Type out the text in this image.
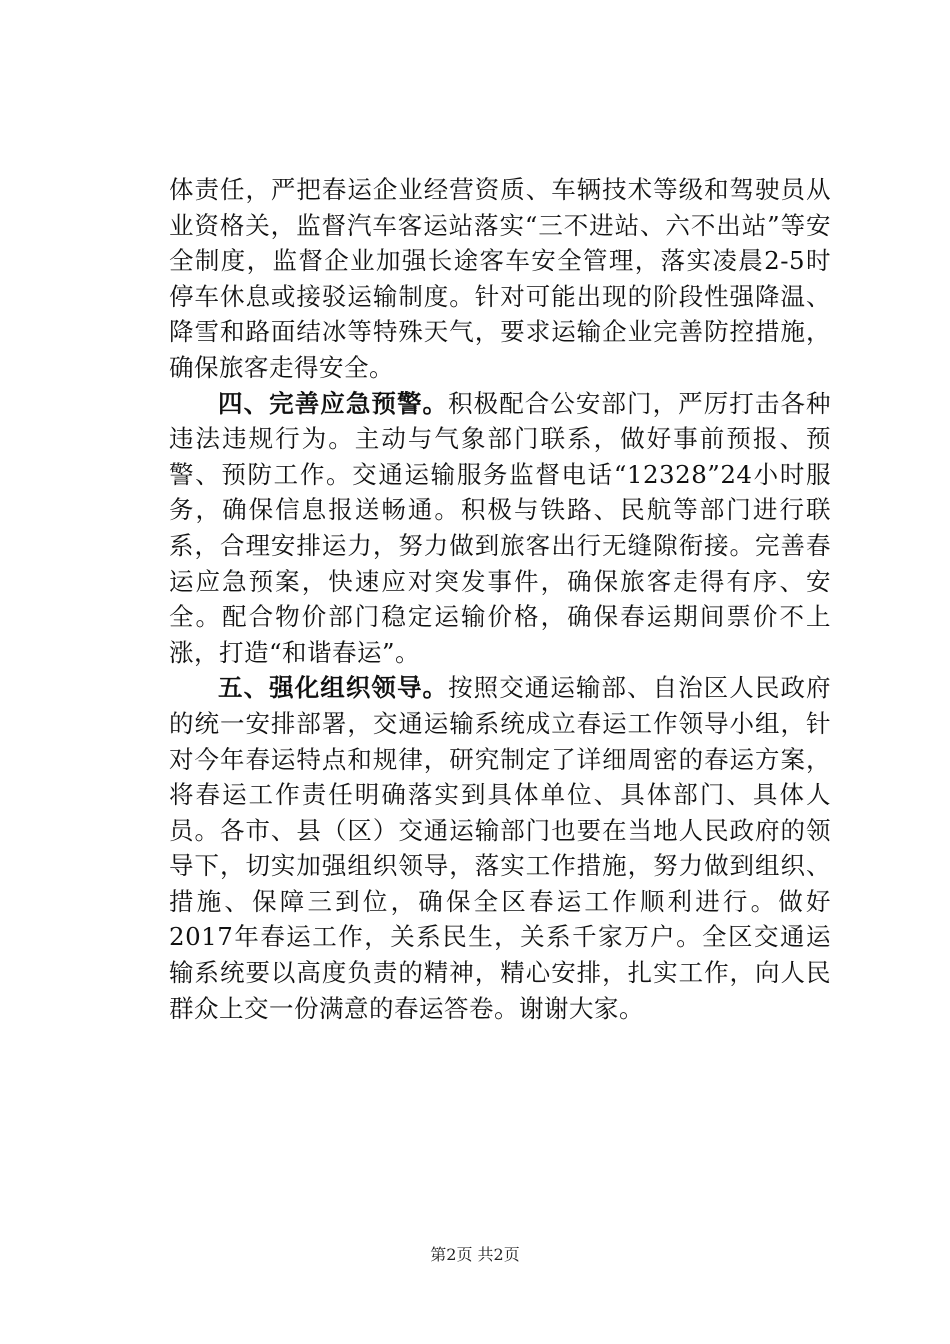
体责任，严把春运企业经营资质、车辆技术等级和驾驶员从业资格关，监督汽车客运站落实“三不进站、六不出站”等安全制度，监督企业加强长途客车安全管理，落实凌晨2-5时停车休息或接驳运输制度。针对可能出现的阶段性强降温、降雪和路面结冰等特殊天气，要求运输企业完善防控措施，确保旅客走得安全。

四、完善应急预警。积极配合公安部门，严厉打击各种违法违规行为。主动与气象部门联系，做好事前预报、预警、预防工作。交通运输服务监督电话“12328”24小时服务，确保信息报送畅通。积极与铁路、民航等部门进行联系，合理安排运力，努力做到旅客出行无缝隙衔接。完善春运应急预案，快速应对突发事件，确保旅客走得有序、安全。配合物价部门稳定运输价格，确保春运期间票价不上涨，打造“和谐春运”。

五、强化组织领导。按照交通运输部、自治区人民政府的统一安排部署，交通运输系统成立春运工作领导小组，针对今年春运特点和规律，研究制定了详细周密的春运方案，将春运工作责任明确落实到具体单位、具体部门、具体人员。各市、县（区）交通运输部门也要在当地人民政府的领导下，切实加强组织领导，落实工作措施，努力做到组织、措施、保障三到位，确保全区春运工作顺利进行。做好2017年春运工作，关系民生，关系千家万户。全区交通运输系统要以高度负责的精神，精心安排，扎实工作，向人民群众上交一份满意的春运答卷。谢谢大家。

第2页 共2页
